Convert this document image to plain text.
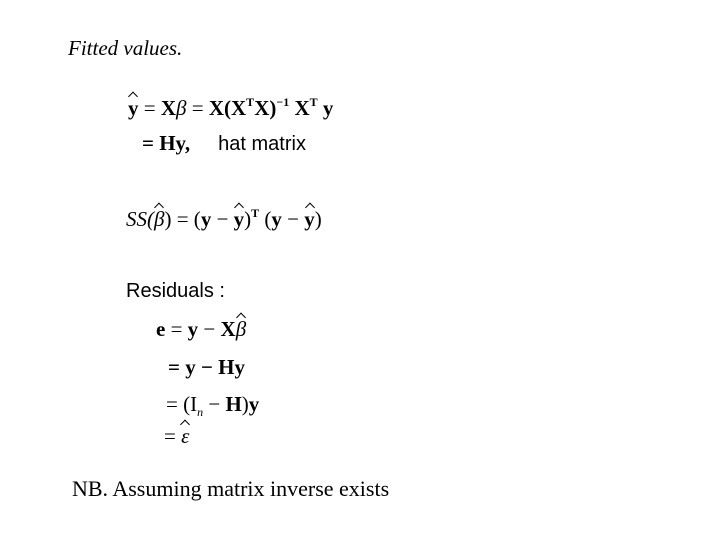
Fitted values.
$y = X\beta = X(X^TX)^{-1}$ $X^T$ y
= Hy, hat matrix
$SS(\beta) = (y - y)^T$ (y − y)
Residuals :
e = y − Xβ
= y − Hy
= $(I_n - H)y$
= ε
NB. Assuming matrix inverse exists
